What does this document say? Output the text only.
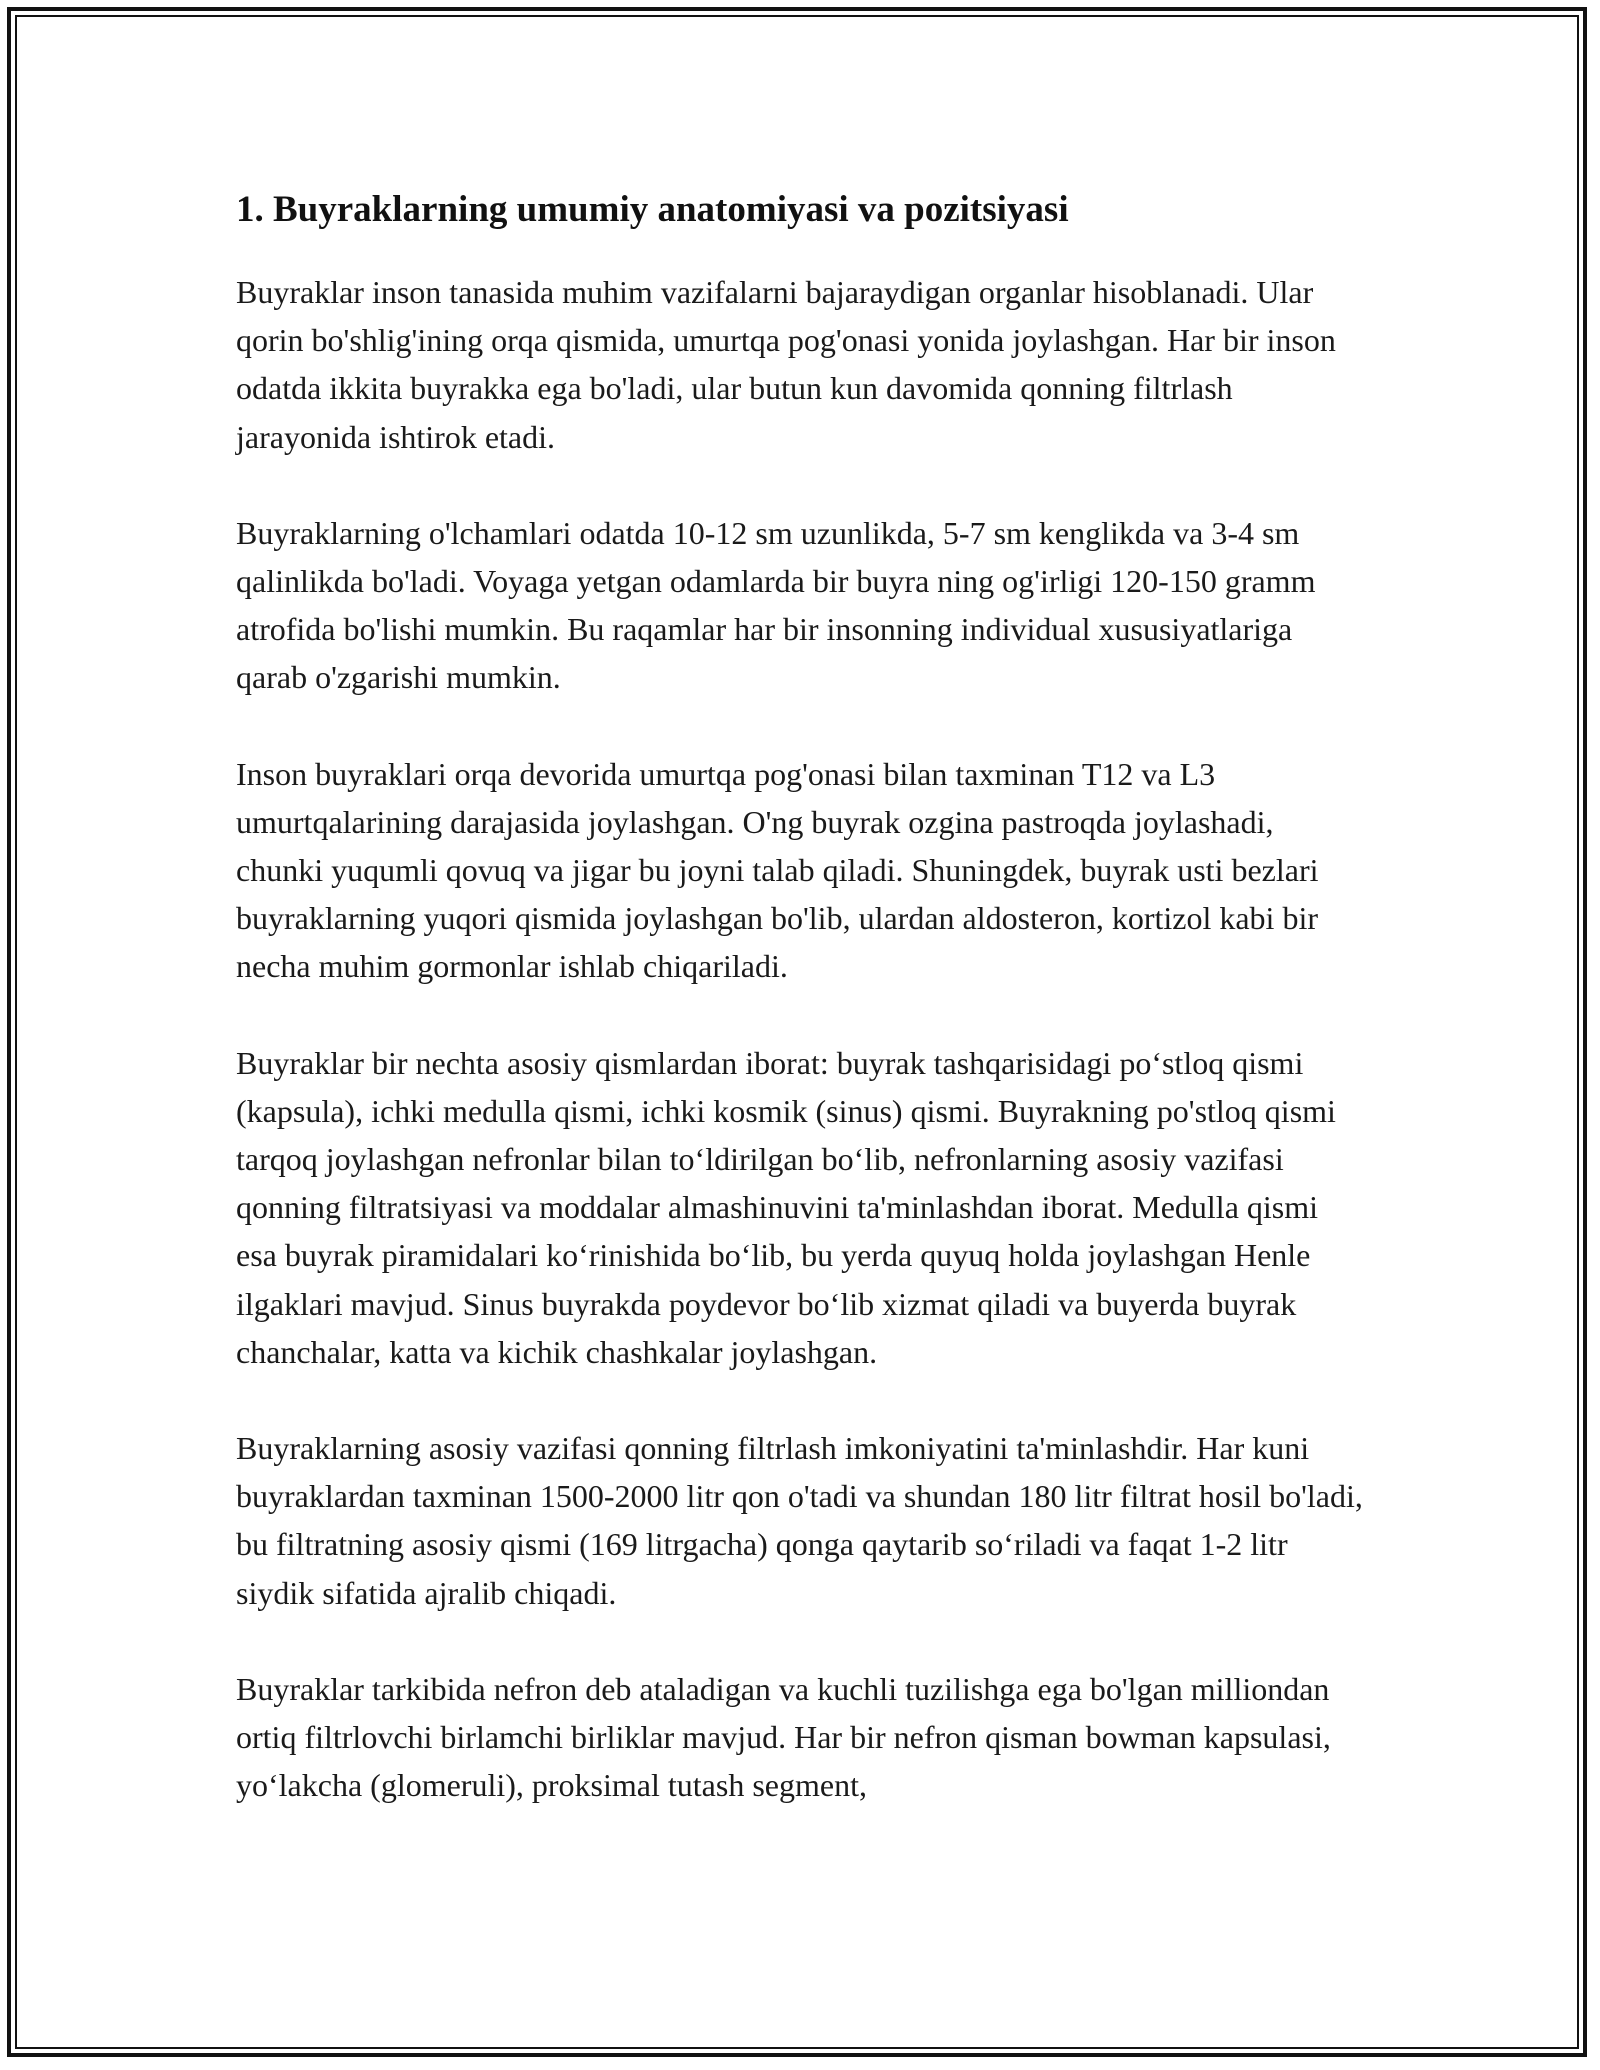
1. Buyraklarning umumiy anatomiyasi va pozitsiyasi

Buyraklar inson tanasida muhim vazifalarni bajaraydigan organlar hisoblanadi. Ular qorin bo'shlig'ining orqa qismida, umurtqa pog'onasi yonida joylashgan. Har bir inson odatda ikkita buyrakka ega bo'ladi, ular butun kun davomida qonning filtrlash jarayonida ishtirok etadi.

Buyraklarning o'lchamlari odatda 10-12 sm uzunlikda, 5-7 sm kenglikda va 3-4 sm qalinlikda bo'ladi. Voyaga yetgan odamlarda bir buyra ning og'irligi 120-150 gramm atrofida bo'lishi mumkin. Bu raqamlar har bir insonning individual xususiyatlariga qarab o'zgarishi mumkin.

Inson buyraklari orqa devorida umurtqa pog'onasi bilan taxminan T12 va L3 umurtqalarining darajasida joylashgan. O'ng buyrak ozgina pastroqda joylashadi, chunki yuqumli qovuq va jigar bu joyni talab qiladi. Shuningdek, buyrak usti bezlari buyraklarning yuqori qismida joylashgan bo'lib, ulardan aldosteron, kortizol kabi bir necha muhim gormonlar ishlab chiqariladi.

Buyraklar bir nechta asosiy qismlardan iborat: buyrak tashqarisidagi po‘stloq qismi (kapsula), ichki medulla qismi, ichki kosmik (sinus) qismi. Buyrakning po'stloq qismi tarqoq joylashgan nefronlar bilan to‘ldirilgan bo‘lib, nefronlarning asosiy vazifasi qonning filtratsiyasi va moddalar almashinuvini ta'minlashdan iborat. Medulla qismi esa buyrak piramidalari ko‘rinishida bo‘lib, bu yerda quyuq holda joylashgan Henle ilgaklari mavjud. Sinus buyrakda poydevor bo‘lib xizmat qiladi va buyerda buyrak chanchalar, katta va kichik chashkalar joylashgan.

Buyraklarning asosiy vazifasi qonning filtrlash imkoniyatini ta'minlashdir. Har kuni buyraklardan taxminan 1500-2000 litr qon o'tadi va shundan 180 litr filtrat hosil bo'ladi, bu filtratning asosiy qismi (169 litrgacha) qonga qaytarib so‘riladi va faqat 1-2 litr siydik sifatida ajralib chiqadi.

Buyraklar tarkibida nefron deb ataladigan va kuchli tuzilishga ega bo'lgan milliondan ortiq filtrlovchi birlamchi birliklar mavjud. Har bir nefron qisman bowman kapsulasi, yo‘lakcha (glomeruli), proksimal tutash segment,
